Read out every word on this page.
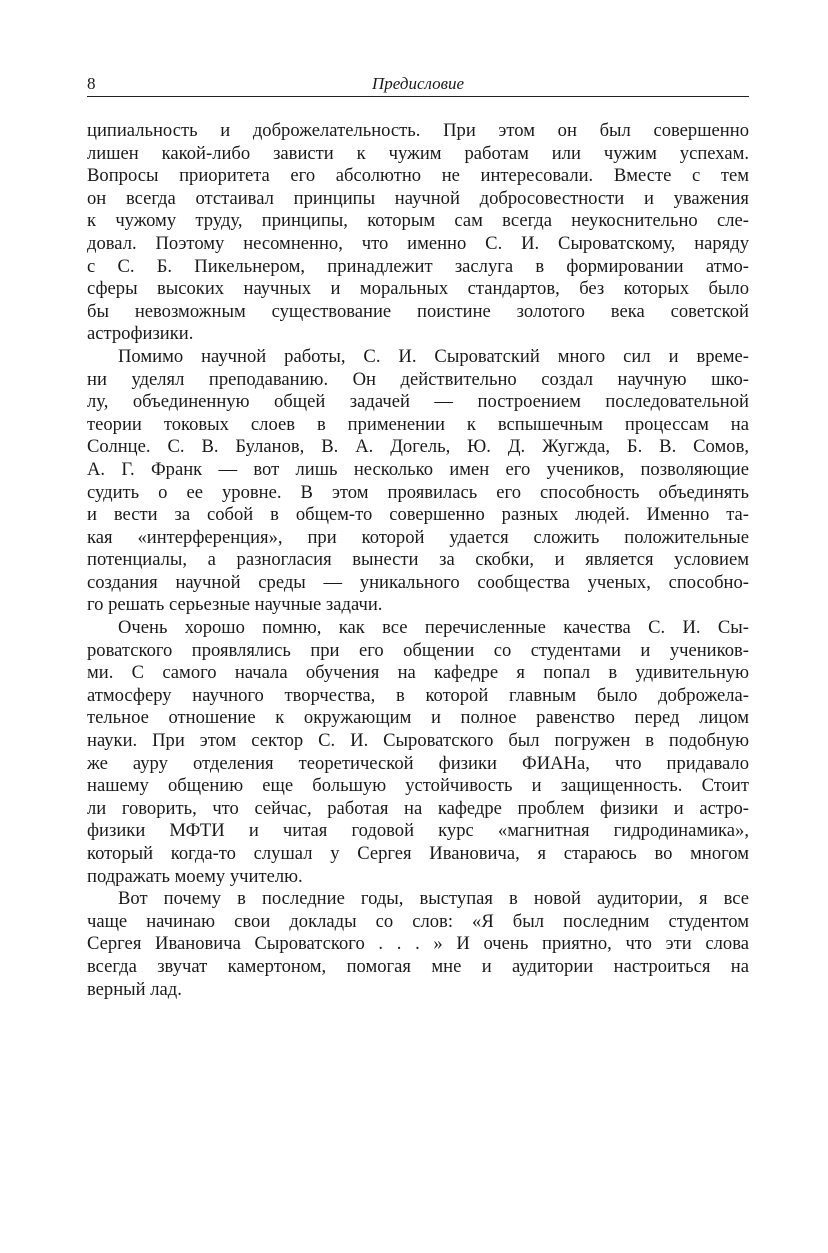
8	Предисловие
ципиальность и доброжелательность. При этом он был совершенно
лишен какой-либо зависти к чужим работам или чужим успехам.
Вопросы приоритета его абсолютно не интересовали. Вместе с тем
он всегда отстаивал принципы научной добросовестности и уважения
к чужому труду, принципы, которым сам всегда неукоснительно сле-
довал. Поэтому несомненно, что именно С. И. Сыроватскому, наряду
с С. Б. Пикельнером, принадлежит заслуга в формировании атмо-
сферы высоких научных и моральных стандартов, без которых было
бы невозможным существование поистине золотого века советской
астрофизики.
Помимо научной работы, С. И. Сыроватский много сил и време-
ни уделял преподаванию. Он действительно создал научную шко-
лу, объединенную общей задачей — построением последовательной
теории токовых слоев в применении к вспышечным процессам на
Солнце. С. В. Буланов, В. А. Догель, Ю. Д. Жугжда, Б. В. Сомов,
А. Г. Франк — вот лишь несколько имен его учеников, позволяющие
судить о ее уровне. В этом проявилась его способность объединять
и вести за собой в общем-то совершенно разных людей. Именно та-
кая «интерференция», при которой удается сложить положительные
потенциалы, а разногласия вынести за скобки, и является условием
создания научной среды — уникального сообщества ученых, способно-
го решать серьезные научные задачи.
Очень хорошо помню, как все перечисленные качества С. И. Сы-
роватского проявлялись при его общении со студентами и учеников-
ми. С самого начала обучения на кафедре я попал в удивительную
атмосферу научного творчества, в которой главным было доброжела-
тельное отношение к окружающим и полное равенство перед лицом
науки. При этом сектор С. И. Сыроватского был погружен в подобную
же ауру отделения теоретической физики ФИАНа, что придавало
нашему общению еще большую устойчивость и защищенность. Стоит
ли говорить, что сейчас, работая на кафедре проблем физики и астро-
физики МФТИ и читая годовой курс «магнитная гидродинамика»,
который когда-то слушал у Сергея Ивановича, я стараюсь во многом
подражать моему учителю.
Вот почему в последние годы, выступая в новой аудитории, я все
чаще начинаю свои доклады со слов: «Я был последним студентом
Сергея Ивановича Сыроватского . . . » И очень приятно, что эти слова
всегда звучат камертоном, помогая мне и аудитории настроиться на
верный лад.
